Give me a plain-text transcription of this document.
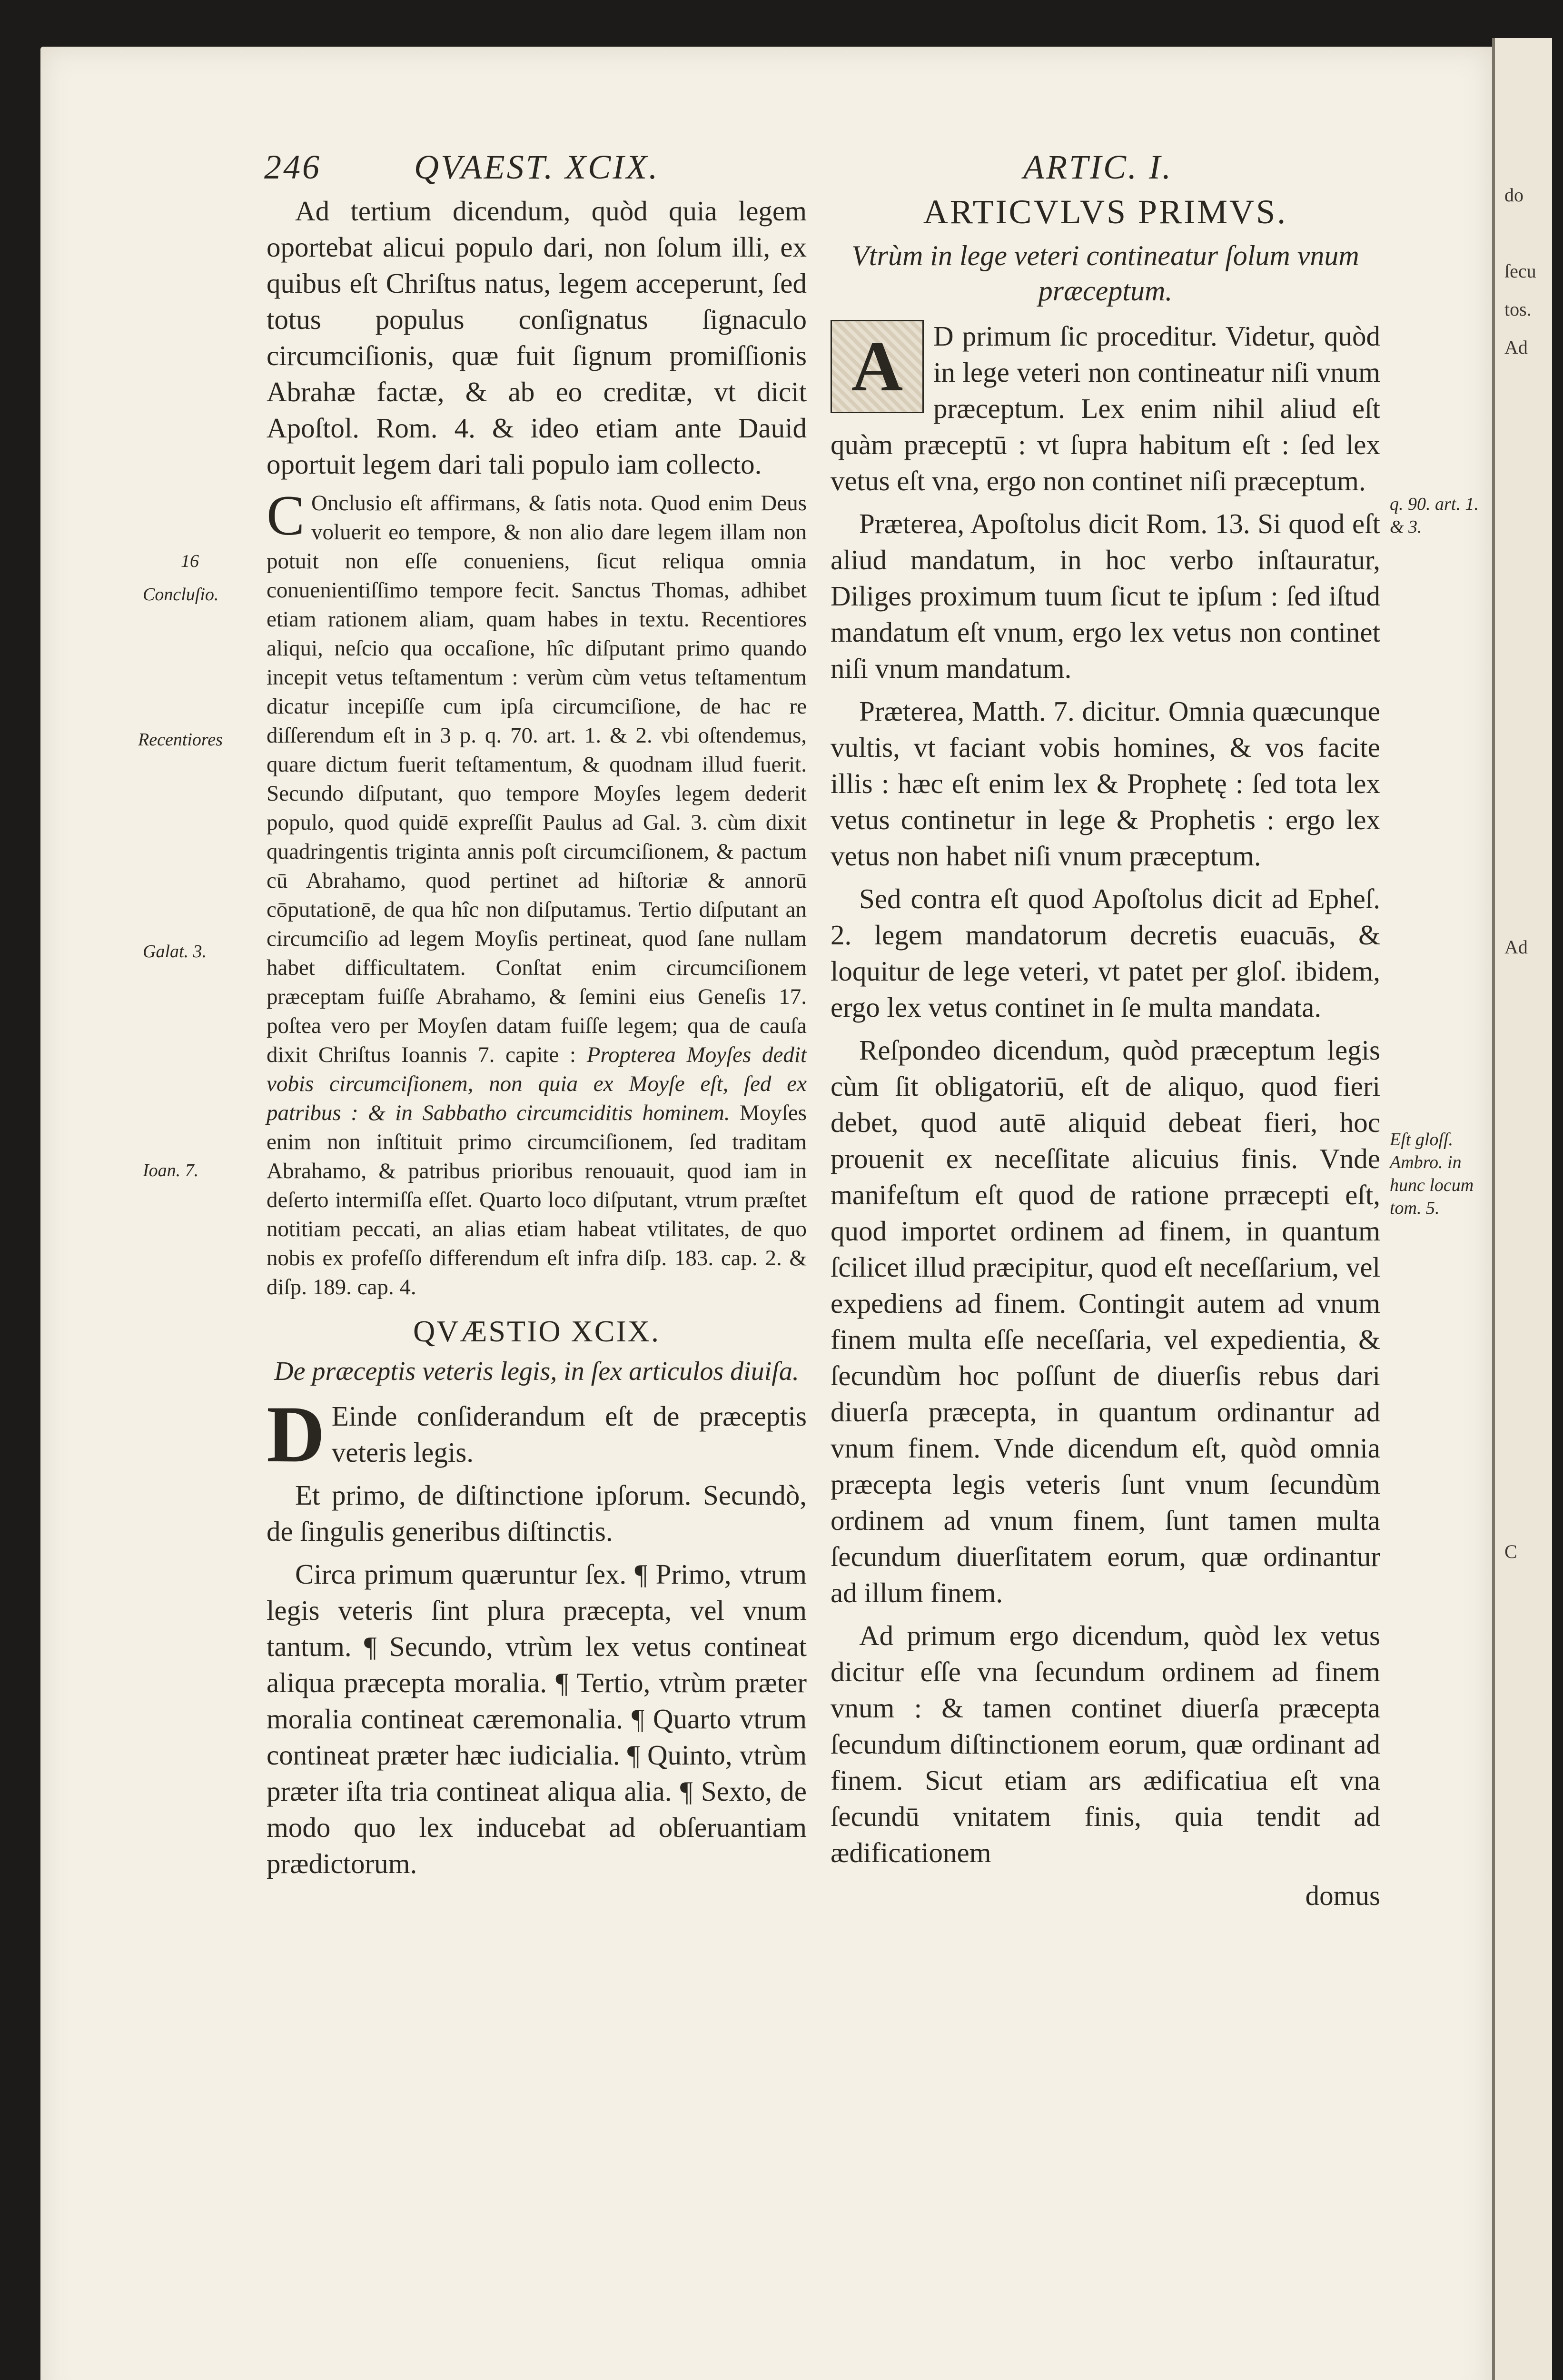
do
ſecu
tos.
Ad
Ad
C
246	QVAEST. XCIX.	ARTIC. I.
16
Concluſio.
Recentiores
Galat. 3.
Ioan. 7.
q. 90. art. 1. & 3.
Eſt gloſſ. Ambro. in hunc locum tom. 5.

Ad tertium dicendum, quòd quia legem oportebat alicui populo dari, non ſolum illi, ex quibus eſt Chriſtus natus, legem acceperunt, ſed totus populus conſignatus ſignaculo circumciſionis, quæ fuit ſignum promiſſionis Abrahæ factæ, & ab eo creditæ, vt dicit Apoſtol. Rom. 4. & ideo etiam ante Dauid oportuit legem dari tali populo iam collecto.

C Onclusio eſt affirmans, & ſatis nota. Quod enim Deus voluerit eo tempore, & non alio dare legem illam non potuit non eſſe conueniens, ſicut reliqua omnia conuenientiſſimo tempore fecit. Sanctus Thomas, adhibet etiam rationem aliam, quam habes in textu. Recentiores aliqui, neſcio qua occaſione, hîc diſputant primo quando incepit vetus teſtamentum : verùm cùm vetus teſtamentum dicatur incepiſſe cum ipſa circumciſione, de hac re diſſerendum eſt in 3 p. q. 70. art. 1. & 2. vbi oſtendemus, quare dictum fuerit teſtamentum, & quodnam illud fuerit. Secundo diſputant, quo tempore Moyſes legem dederit populo, quod quidē expreſſit Paulus ad Gal. 3. cùm dixit quadringentis triginta annis poſt circumciſionem, & pactum cū Abrahamo, quod pertinet ad hiſtoriæ & annorū cōputationē, de qua hîc non diſputamus. Tertio diſputant an circumciſio ad legem Moyſis pertineat, quod ſane nullam habet difficultatem. Conſtat enim circumciſionem præceptam fuiſſe Abrahamo, & ſemini eius Geneſis 17. poſtea vero per Moyſen datam fuiſſe legem; qua de cauſa dixit Chriſtus Ioannis 7. capite : Propterea Moyſes dedit vobis circumciſionem, non quia ex Moyſe eſt, ſed ex patribus : & in Sabbatho circumciditis hominem. Moyſes enim non inſtituit primo circumciſionem, ſed traditam Abrahamo, & patribus prioribus renouauit, quod iam in deſerto intermiſſa eſſet. Quarto loco diſputant, vtrum præſtet notitiam peccati, an alias etiam habeat vtilitates, de quo nobis ex profeſſo differendum eſt infra diſp. 183. cap. 2. & diſp. 189. cap. 4.
QVÆSTIO XCIX.
De præceptis veteris legis, in ſex articulos diuiſa.

D Einde conſiderandum eſt de præceptis veteris legis.

Et primo, de diſtinctione ipſorum. Secundò, de ſingulis generibus diſtinctis.

Circa primum quæruntur ſex. ¶ Primo, vtrum legis veteris ſint plura præcepta, vel vnum tantum. ¶ Secundo, vtrùm lex vetus contineat aliqua præcepta moralia. ¶ Tertio, vtrùm præter moralia contineat cæremonalia. ¶ Quarto vtrum contineat præter hæc iudicialia. ¶ Quinto, vtrùm præter iſta tria contineat aliqua alia. ¶ Sexto, de modo quo lex inducebat ad obſeruantiam prædictorum.

ARTICVLVS PRIMVS.
Vtrùm in lege veteri contineatur ſolum vnum præceptum.

A	D primum ſic proceditur. Videtur, quòd in lege veteri non contineatur niſi vnum præceptum. Lex enim nihil aliud eſt quàm præceptū : vt ſupra habitum eſt : ſed lex vetus eſt vna, ergo non continet niſi præceptum.

Præterea, Apoſtolus dicit Rom. 13. Si quod eſt aliud mandatum, in hoc verbo inſtauratur, Diliges proximum tuum ſicut te ipſum : ſed iſtud mandatum eſt vnum, ergo lex vetus non continet niſi vnum mandatum.

Præterea, Matth. 7. dicitur. Omnia quæcunque vultis, vt faciant vobis homines, & vos facite illis : hæc eſt enim lex & Prophetę : ſed tota lex vetus continetur in lege & Prophetis : ergo lex vetus non habet niſi vnum præceptum.

Sed contra eſt quod Apoſtolus dicit ad Epheſ. 2. legem mandatorum decretis euacuās, & loquitur de lege veteri, vt patet per gloſ. ibidem, ergo lex vetus continet in ſe multa mandata.

Reſpondeo dicendum, quòd præceptum legis cùm ſit obligatoriū, eſt de aliquo, quod fieri debet, quod autē aliquid debeat fieri, hoc prouenit ex neceſſitate alicuius finis. Vnde manifeſtum eſt quod de ratione prræcepti eſt, quod importet ordinem ad finem, in quantum ſcilicet illud præcipitur, quod eſt neceſſarium, vel expediens ad finem. Contingit autem ad vnum finem multa eſſe neceſſaria, vel expedientia, & ſecundùm hoc poſſunt de diuerſis rebus dari diuerſa præcepta, in quantum ordinantur ad vnum finem. Vnde dicendum eſt, quòd omnia præcepta legis veteris ſunt vnum ſecundùm ordinem ad vnum finem, ſunt tamen multa ſecundum diuerſitatem eorum, quæ ordinantur ad illum finem.

Ad primum ergo dicendum, quòd lex vetus dicitur eſſe vna ſecundum ordinem ad finem vnum : & tamen continet diuerſa præcepta ſecundum diſtinctionem eorum, quæ ordinant ad finem. Sicut etiam ars ædificatiua eſt vna ſecundū vnitatem finis, quia tendit ad ædificationem

domus
